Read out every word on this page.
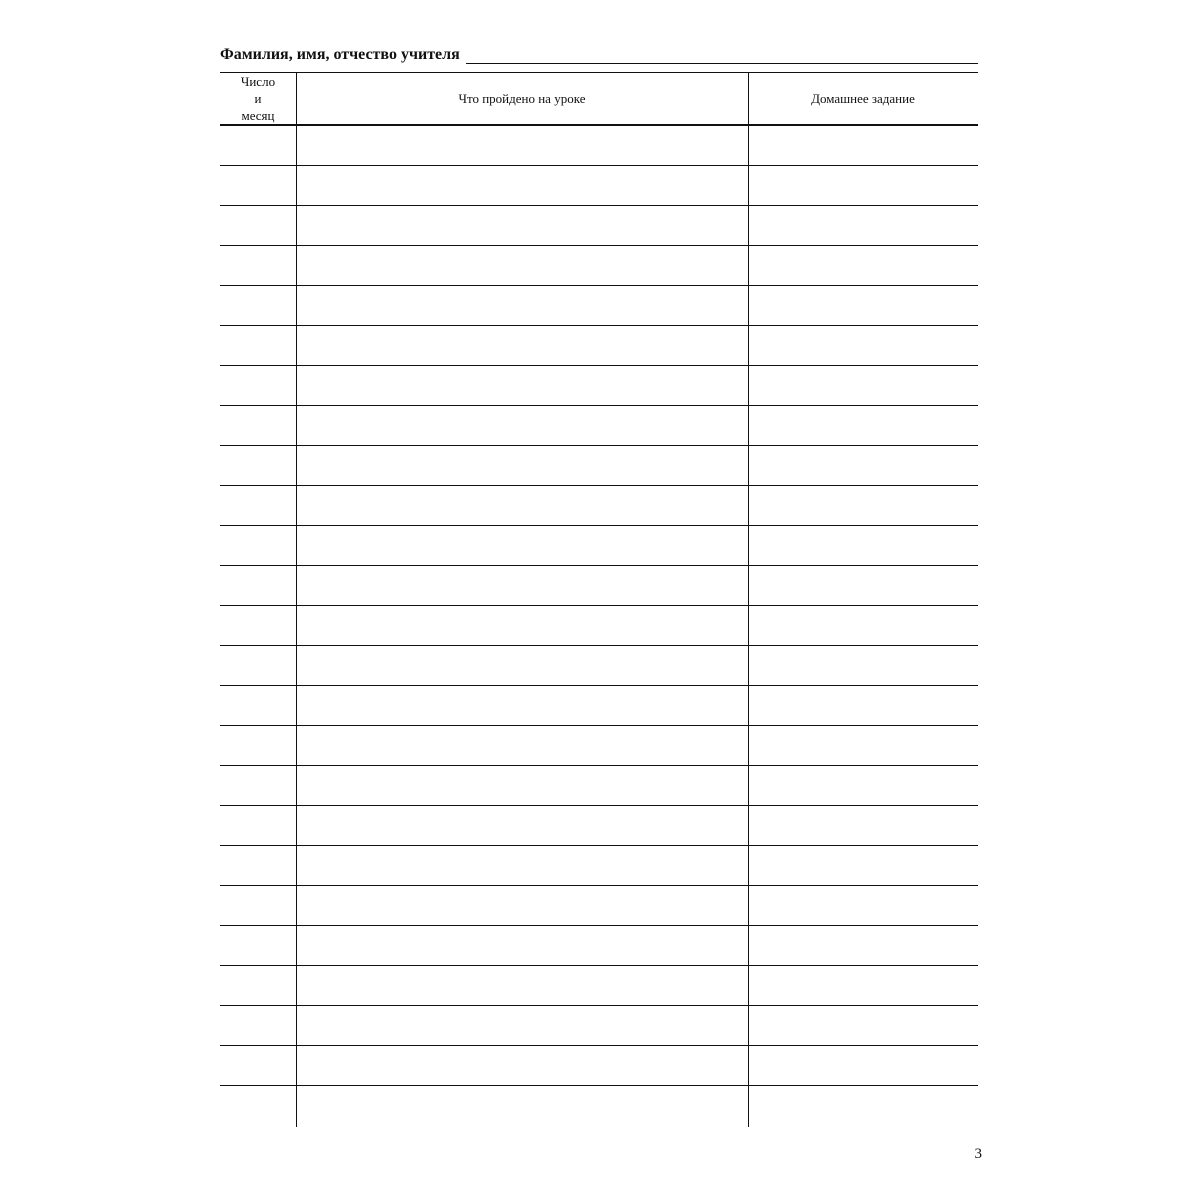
Фамилия, имя, отчество учителя
Число
и
месяц
Что пройдено на уроке	Домашнее задание
3
